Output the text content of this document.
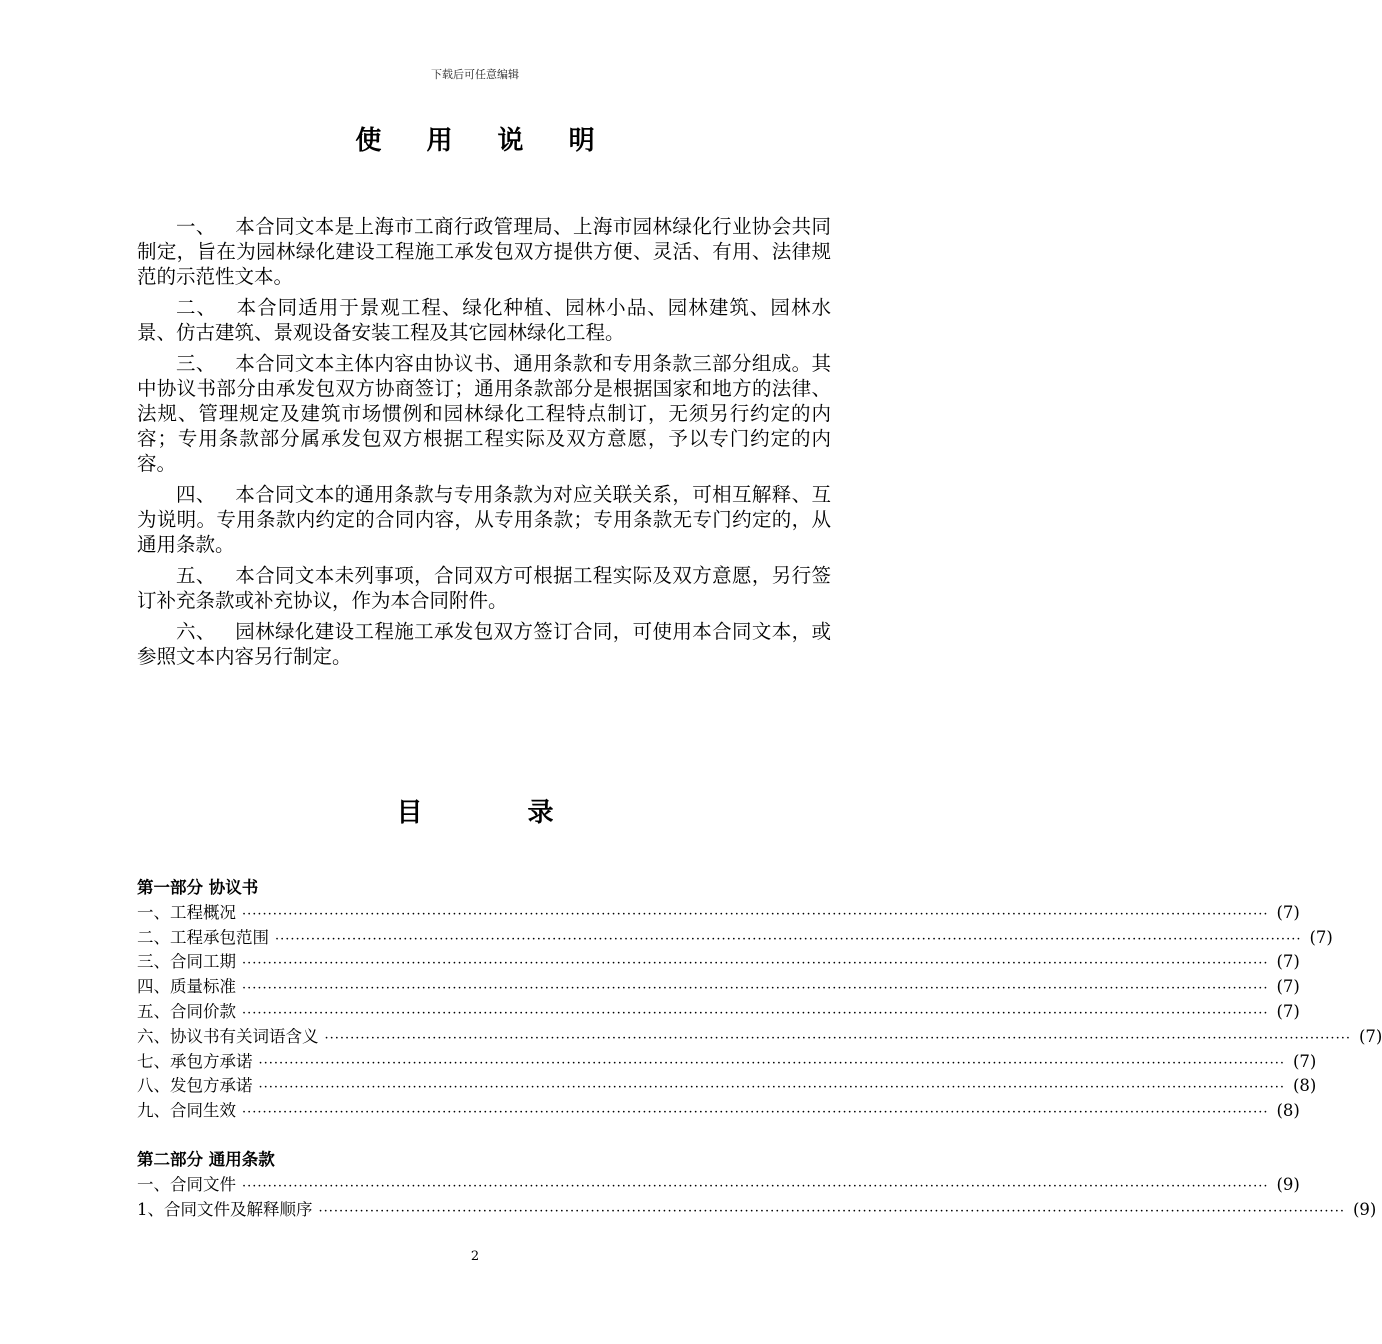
下载后可任意编辑
使 用 说 明

一、 本合同文本是上海市工商行政管理局、上海市园林绿化行业协会共同制定，旨在为园林绿化建设工程施工承发包双方提供方便、灵活、有用、法律规范的示范性文本。

二、 本合同适用于景观工程、绿化种植、园林小品、园林建筑、园林水景、仿古建筑、景观设备安装工程及其它园林绿化工程。

三、 本合同文本主体内容由协议书、通用条款和专用条款三部分组成。其中协议书部分由承发包双方协商签订；通用条款部分是根据国家和地方的法律、法规、管理规定及建筑市场惯例和园林绿化工程特点制订，无须另行约定的内容；专用条款部分属承发包双方根据工程实际及双方意愿，予以专门约定的内容。

四、 本合同文本的通用条款与专用条款为对应关联关系，可相互解释、互为说明。专用条款内约定的合同内容，从专用条款；专用条款无专门约定的，从通用条款。

五、 本合同文本未列事项，合同双方可根据工程实际及双方意愿，另行签订补充条款或补充协议，作为本合同附件。

六、 园林绿化建设工程施工承发包双方签订合同，可使用本合同文本，或参照文本内容另行制定。

目 录
第一部分 协议书
一、工程概况 ········································································································································································································ (7)
二、工程承包范围 ········································································································································································································ (7)
三、合同工期 ········································································································································································································ (7)
四、质量标准 ········································································································································································································ (7)
五、合同价款 ········································································································································································································ (7)
六、协议书有关词语含义 ········································································································································································································ (7)
七、承包方承诺 ········································································································································································································ (7)
八、发包方承诺 ········································································································································································································ (8)
九、合同生效 ········································································································································································································ (8)
第二部分 通用条款
一、合同文件 ········································································································································································································ (9)
1、合同文件及解释顺序 ········································································································································································································ (9)
2
